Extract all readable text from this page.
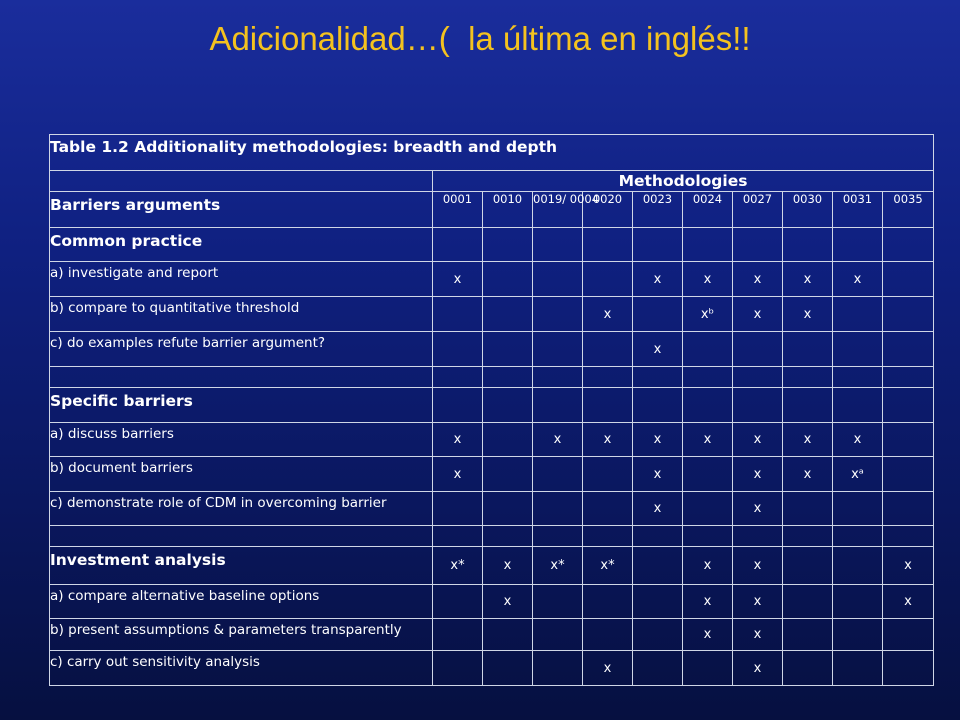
Adicionalidad…(  la última en inglés!!
Table 1.2 Additionality methodologies: breadth and depth										

	Methodologies									

Barriers arguments	0001	0010	0019/ 0004	0020	0023	0024	0027	0030	0031	0035

Common practice										

a) investigate and report	x				x	x	x	x	x	

b) compare to quantitative threshold				x		xᵇ	x	x		

c) do examples refute barrier argument?					x					

Specific barriers										

a) discuss barriers	x		x	x	x	x	x	x	x	

b) document barriers	x				x		x	x	xᵃ	

c) demonstrate role of CDM in overcoming barrier					x		x			

Investment analysis	x*	x	x*	x*		x	x			x

a) compare alternative baseline options		x				x	x			x

b) present assumptions & parameters transparently						x	x			

c) carry out sensitivity analysis				x			x			
